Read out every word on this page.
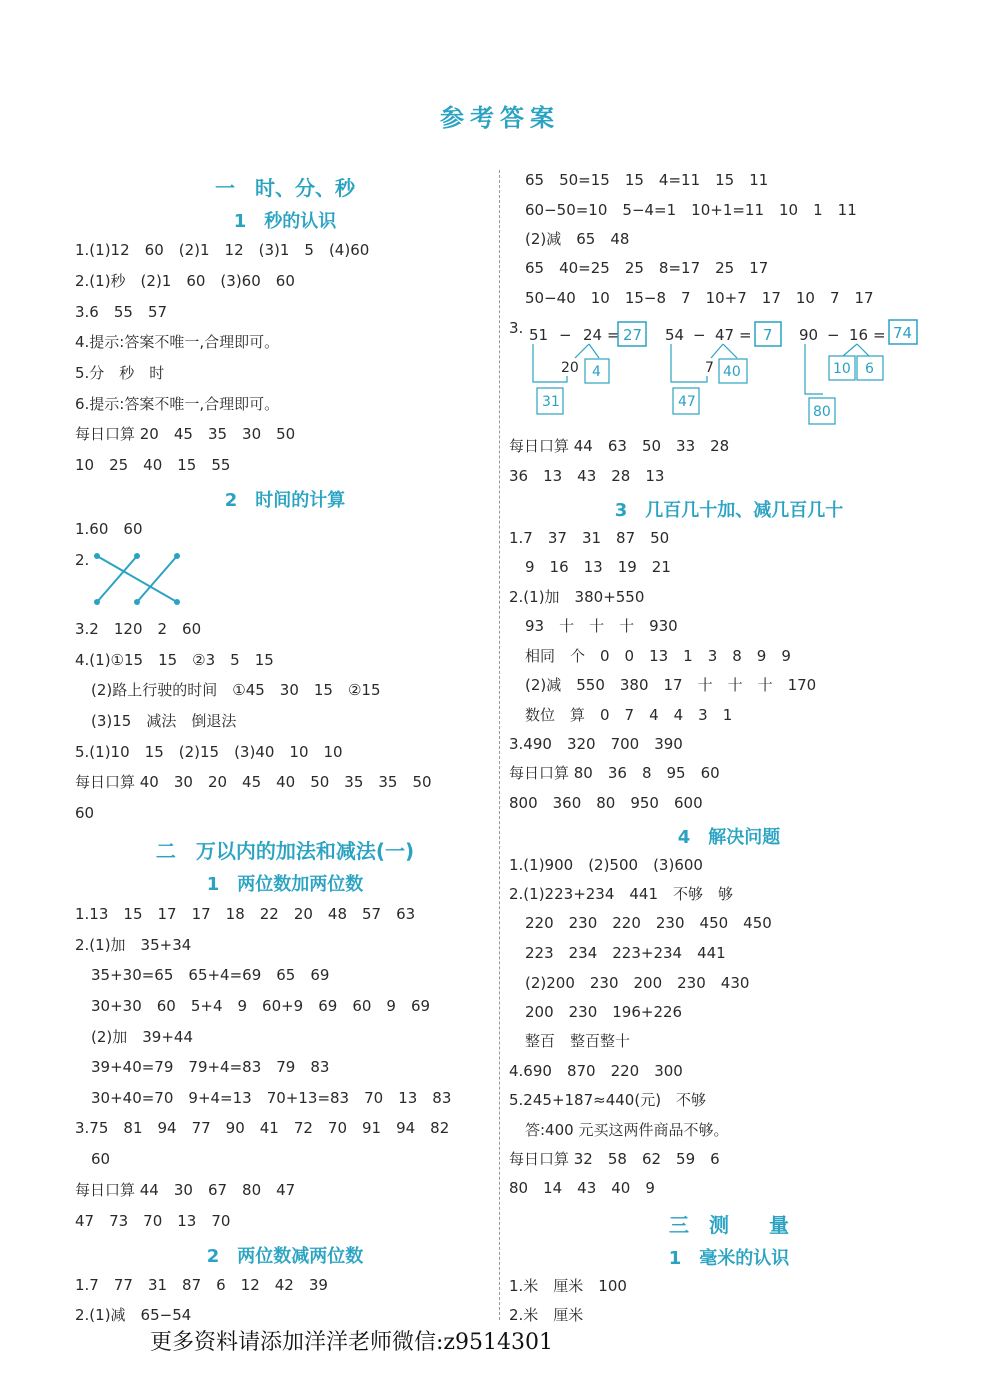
参考答案
一　时、分、秒
1　秒的认识
1.(1)12　60　(2)1　12　(3)1　5　(4)60
2.(1)秒　(2)1　60　(3)60　60
3.6　55　57
4.提示:答案不唯一,合理即可。
5.分　秒　时
6.提示:答案不唯一,合理即可。
每日口算 20　45　35　30　50
10　25　40　15　55
2　时间的计算
1.60　60
2.
3.2　120　2　60
4.(1)①15　15　②3　5　15
(2)路上行驶的时间　①45　30　15　②15
(3)15　减法　倒退法
5.(1)10　15　(2)15　(3)40　10　10
每日口算 40　30　20　45　40　50　35　35　50
60
二　万以内的加法和减法(一)
1　两位数加两位数
1.13　15　17　17　18　22　20　48　57　63
2.(1)加　35+34
35+30=65　65+4=69　65　69
30+30　60　5+4　9　60+9　69　60　9　69
(2)加　39+44
39+40=79　79+4=83　79　83
30+40=70　9+4=13　70+13=83　70　13　83
3.75　81　94　77　90　41　72　70　91　94　82
60
每日口算 44　30　67　80　47
47　73　70　13　70
2　两位数减两位数
1.7　77　31　87　6　12　42　39
2.(1)减　65−54
65　50=15　15　4=11　15　11
60−50=10　5−4=1　10+1=11　10　1　11
(2)减　65　48
65　40=25　25　8=17　25　17
50−40　10　15−8　7　10+7　17　10　7　17
3. 51 − 24 = 27
20 4
31
54 − 47 = 7
7 40
47
90 − 16 = 74
10 6
80
每日口算 44　63　50　33　28
36　13　43　28　13
3　几百几十加、减几百几十
1.7　37　31　87　50
9　16　13　19　21
2.(1)加　380+550
93　十　十　十　930
相同　个　0　0　13　1　3　8　9　9
(2)减　550　380　17　十　十　十　170
数位　算　0　7　4　4　3　1
3.490　320　700　390
每日口算 80　36　8　95　60
800　360　80　950　600
4　解决问题
1.(1)900　(2)500　(3)600
2.(1)223+234　441　不够　够
220　230　220　230　450　450
223　234　223+234　441
(2)200　230　200　230　430
200　230　196+226
整百　整百整十
4.690　870　220　300
5.245+187≈440(元)　不够
答:400 元买这两件商品不够。
每日口算 32　58　62　59　6
80　14　43　40　9
三　测　　量
1　毫米的认识
1.米　厘米　100
2.米　厘米
更多资料请添加洋洋老师微信:z9514301
